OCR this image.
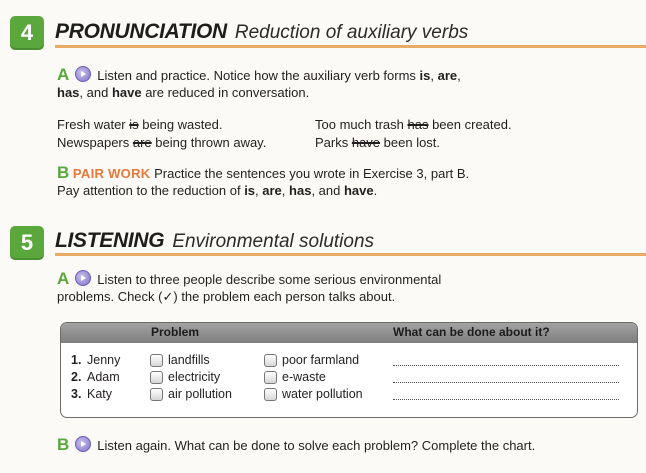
4	PRONUNCIATION Reduction of auxiliary verbs
A Listen and practice. Notice how the auxiliary verb forms is, are,
has, and have are reduced in conversation.
Fresh water is being wasted.
Newspapers are being thrown away.
Too much trash has been created.
Parks have been lost.
B PAIR WORK Practice the sentences you wrote in Exercise 3, part B.
Pay attention to the reduction of is, are, has, and have.
5	LISTENING Environmental solutions
A Listen to three people describe some serious environmental
problems. Check (✓) the problem each person talks about.
Problem	What can be done about it?
1. Jenny	landfills	poor farmland
2. Adam	electricity	e-waste
3. Katy	air pollution	water pollution
B Listen again. What can be done to solve each problem? Complete the chart.
